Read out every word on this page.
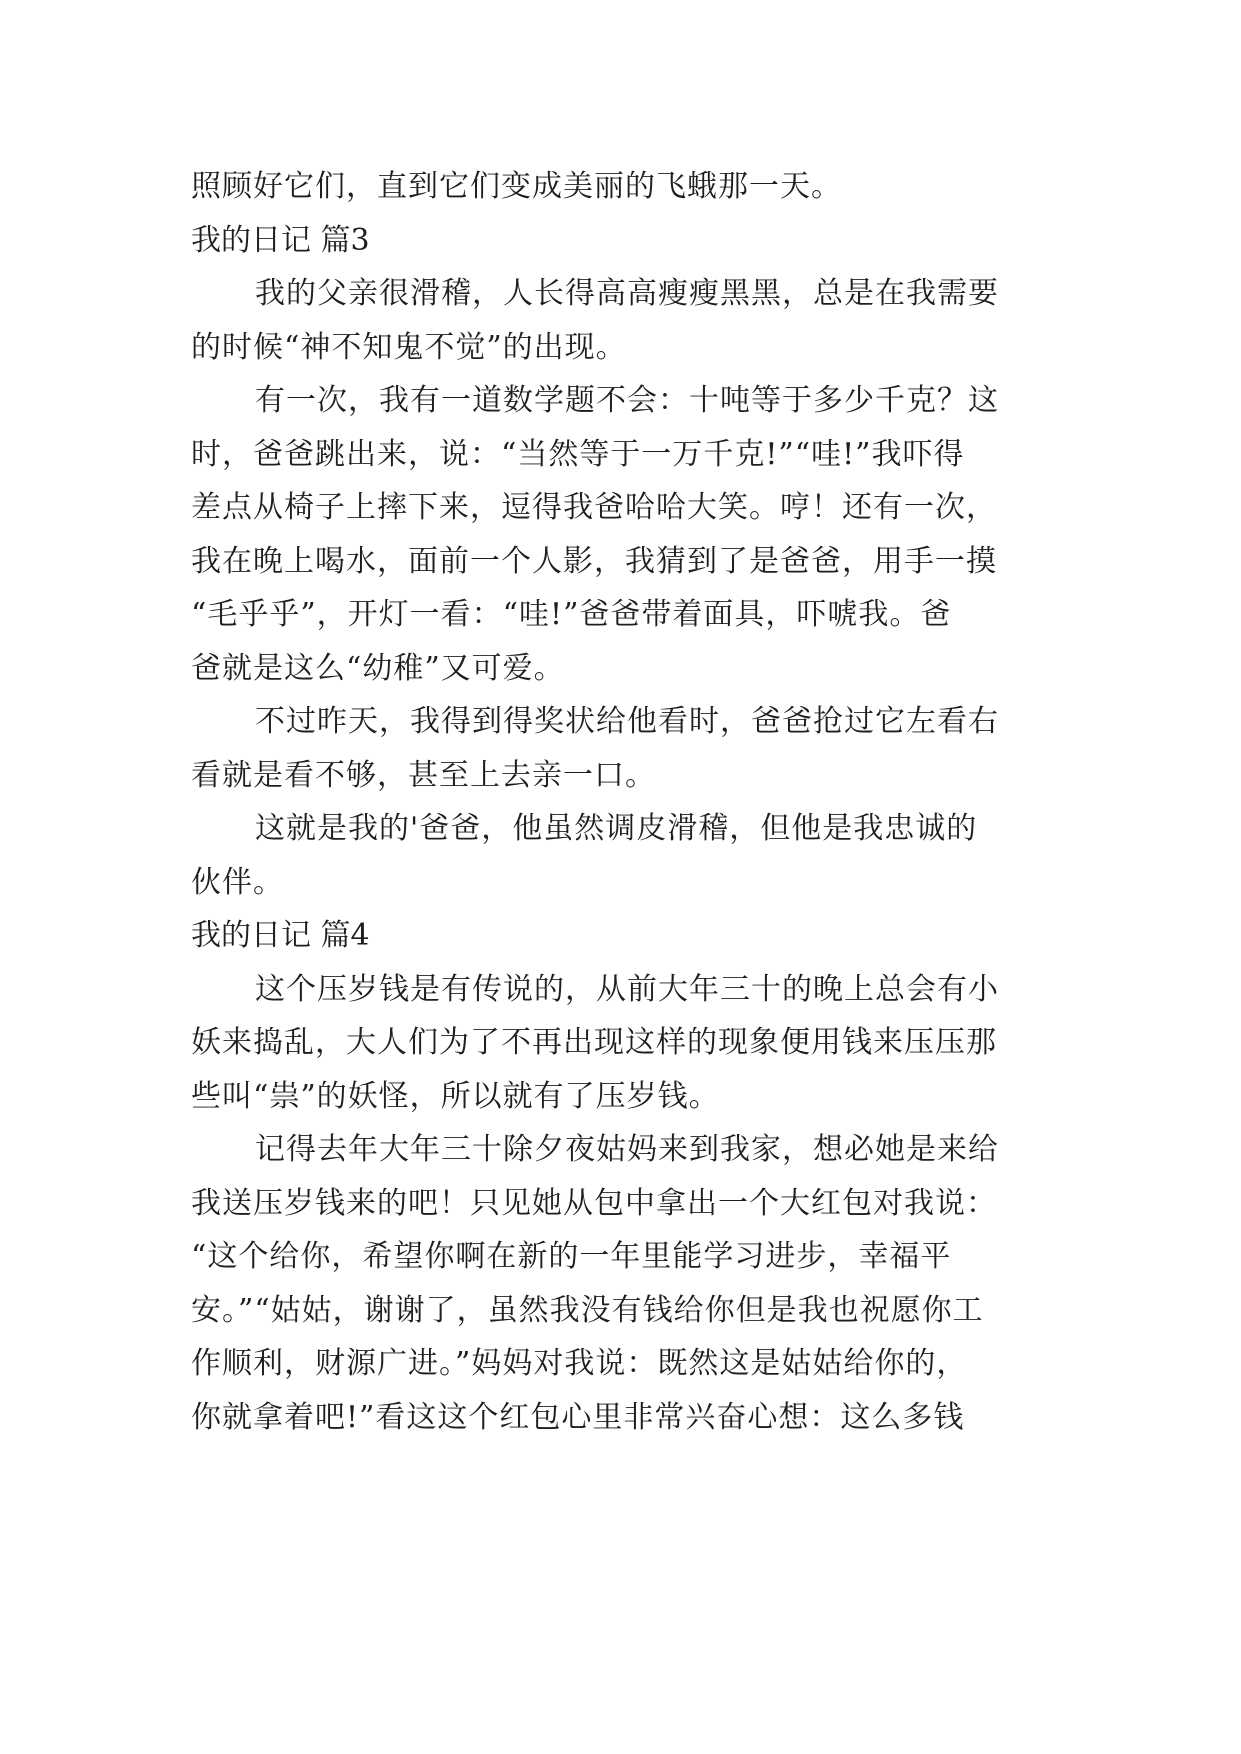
照顾好它们，直到它们变成美丽的飞蛾那一天。
我的日记 篇3
我的父亲很滑稽，人长得高高瘦瘦黑黑，总是在我需要
的时候“神不知鬼不觉”的出现。
有一次，我有一道数学题不会：十吨等于多少千克？这
时，爸爸跳出来，说：“当然等于一万千克!”“哇!”我吓得
差点从椅子上摔下来，逗得我爸哈哈大笑。哼！还有一次，
我在晚上喝水，面前一个人影，我猜到了是爸爸，用手一摸
“毛乎乎”，开灯一看：“哇!”爸爸带着面具，吓唬我。爸
爸就是这么“幼稚”又可爱。
不过昨天，我得到得奖状给他看时，爸爸抢过它左看右
看就是看不够，甚至上去亲一口。
这就是我的'爸爸，他虽然调皮滑稽，但他是我忠诚的
伙伴。
我的日记 篇4
这个压岁钱是有传说的，从前大年三十的晚上总会有小
妖来捣乱，大人们为了不再出现这样的现象便用钱来压压那
些叫“祟”的妖怪，所以就有了压岁钱。
记得去年大年三十除夕夜姑妈来到我家，想必她是来给
我送压岁钱来的吧！只见她从包中拿出一个大红包对我说：
“这个给你，希望你啊在新的一年里能学习进步，幸福平
安。”“姑姑，谢谢了，虽然我没有钱给你但是我也祝愿你工
作顺利，财源广进。”妈妈对我说：既然这是姑姑给你的，
你就拿着吧!”看这这个红包心里非常兴奋心想：这么多钱
